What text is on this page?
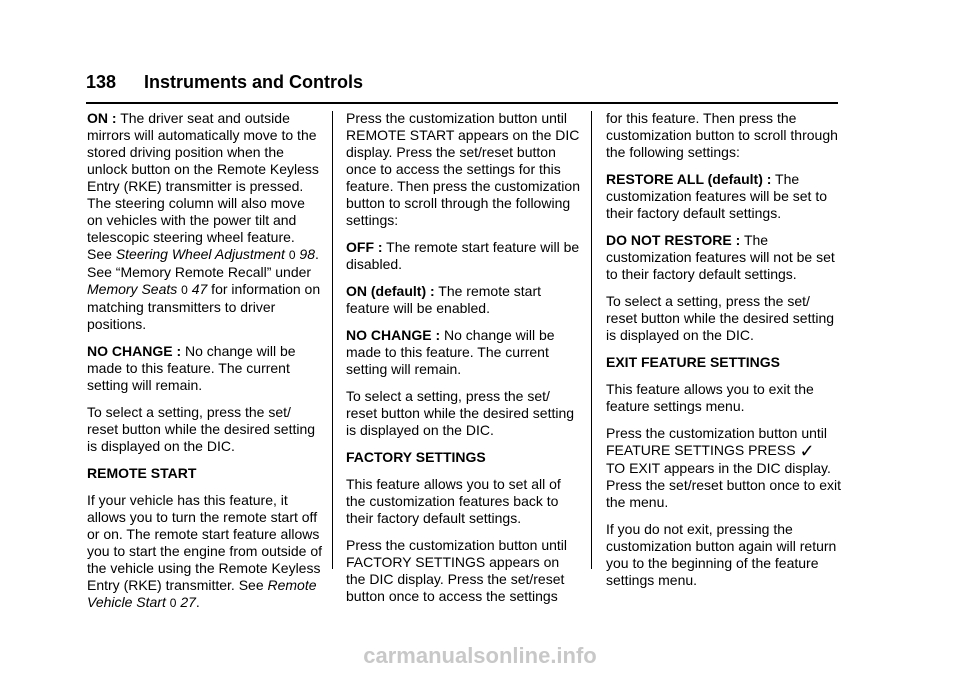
138 Instruments and Controls

ON : The driver seat and outside mirrors will automatically move to the stored driving position when the unlock button on the Remote Keyless Entry (RKE) transmitter is pressed. The steering column will also move on vehicles with the power tilt and telescopic steering wheel feature. See Steering Wheel Adjustment 0 98. See “Memory Remote Recall” under Memory Seats 0 47 for information on matching transmitters to driver positions.

NO CHANGE : No change will be made to this feature. The current setting will remain.

To select a setting, press the set/ reset button while the desired setting is displayed on the DIC.

REMOTE START

If your vehicle has this feature, it allows you to turn the remote start off or on. The remote start feature allows you to start the engine from outside of the vehicle using the Remote Keyless Entry (RKE) transmitter. See Remote Vehicle Start 0 27.

Press the customization button until REMOTE START appears on the DIC display. Press the set/reset button once to access the settings for this feature. Then press the customization button to scroll through the following settings:

OFF : The remote start feature will be disabled.

ON (default) : The remote start feature will be enabled.

NO CHANGE : No change will be made to this feature. The current setting will remain.

To select a setting, press the set/ reset button while the desired setting is displayed on the DIC.

FACTORY SETTINGS

This feature allows you to set all of the customization features back to their factory default settings.

Press the customization button until FACTORY SETTINGS appears on the DIC display. Press the set/reset button once to access the settings

for this feature. Then press the customization button to scroll through the following settings:

RESTORE ALL (default) : The customization features will be set to their factory default settings.

DO NOT RESTORE : The customization features will not be set to their factory default settings.

To select a setting, press the set/ reset button while the desired setting is displayed on the DIC.

EXIT FEATURE SETTINGS

This feature allows you to exit the feature settings menu.

Press the customization button until
FEATURE SETTINGS PRESS ✓
TO EXIT appears in the DIC display. Press the set/reset button once to exit the menu.

If you do not exit, pressing the customization button again will return you to the beginning of the feature settings menu.

carmanualsonline.info
